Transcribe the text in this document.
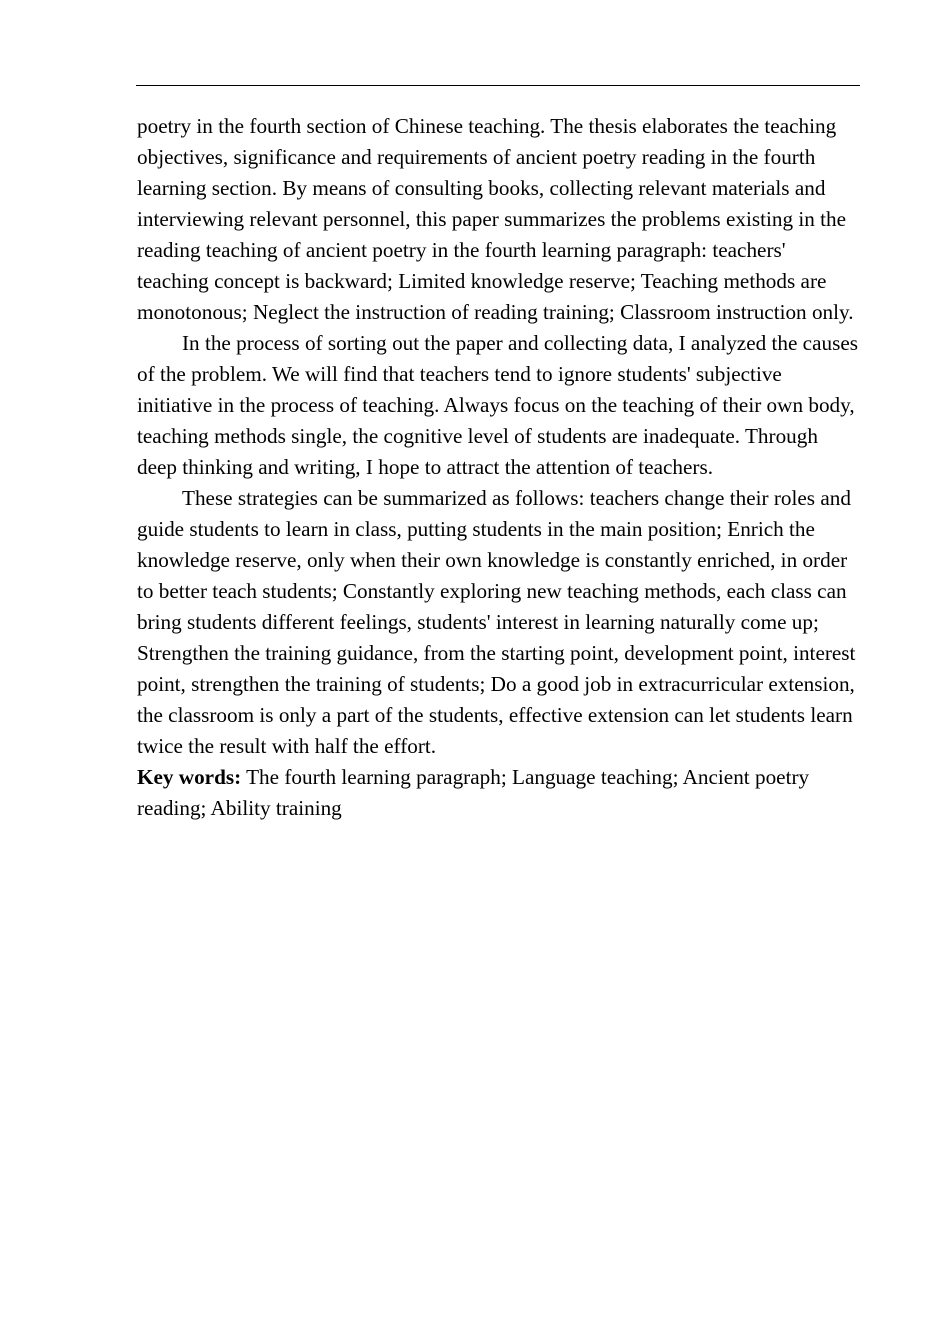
poetry in the fourth section of Chinese teaching. The thesis elaborates the teaching objectives, significance and requirements of ancient poetry reading in the fourth learning section. By means of consulting books, collecting relevant materials and interviewing relevant personnel, this paper summarizes the problems existing in the reading teaching of ancient poetry in the fourth learning paragraph: teachers' teaching concept is backward; Limited knowledge reserve; Teaching methods are monotonous; Neglect the instruction of reading training; Classroom instruction only.

In the process of sorting out the paper and collecting data, I analyzed the causes of the problem. We will find that teachers tend to ignore students' subjective initiative in the process of teaching. Always focus on the teaching of their own body, teaching methods single, the cognitive level of students are inadequate. Through deep thinking and writing, I hope to attract the attention of teachers.

These strategies can be summarized as follows: teachers change their roles and guide students to learn in class, putting students in the main position; Enrich the knowledge reserve, only when their own knowledge is constantly enriched, in order to better teach students; Constantly exploring new teaching methods, each class can bring students different feelings, students' interest in learning naturally come up; Strengthen the training guidance, from the starting point, development point, interest point, strengthen the training of students; Do a good job in extracurricular extension, the classroom is only a part of the students, effective extension can let students learn twice the result with half the effort.

Key words: The fourth learning paragraph; Language teaching; Ancient poetry reading; Ability training
